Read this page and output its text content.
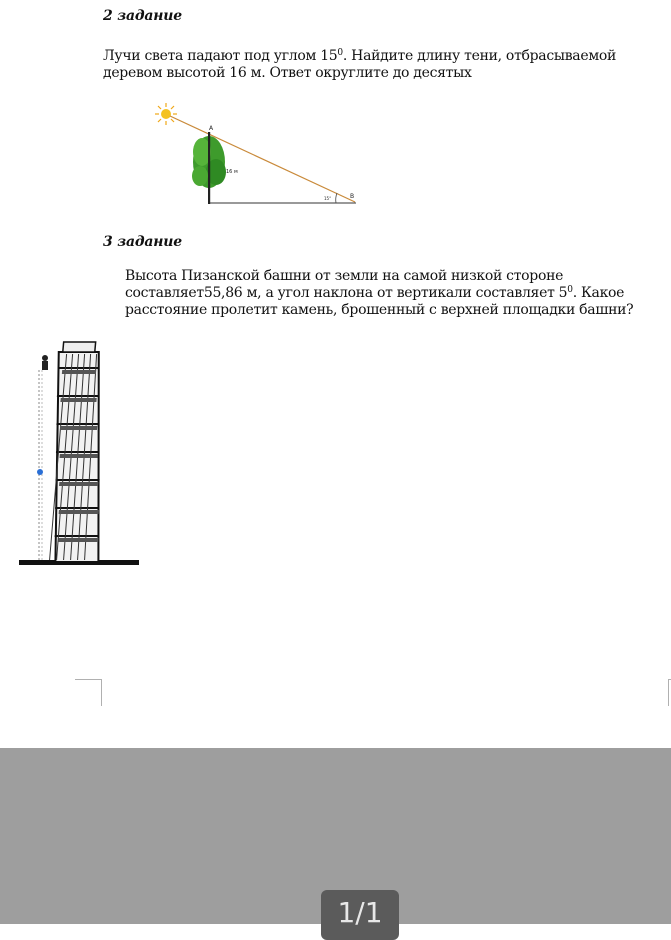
2 задание
Лучи света падают под углом $15^0$. Найдите длину тени, отбрасываемой
деревом высотой 16 м. Ответ округлите до десятых
A
B
16 м
15°
3 задание
Высота Пизанской башни от земли на самой низкой стороне
составляет55,86 м, а угол наклона от вертикали составляет $5^0$. Какое
расстояние пролетит камень, брошенный с верхней площадки башни?
1/1
